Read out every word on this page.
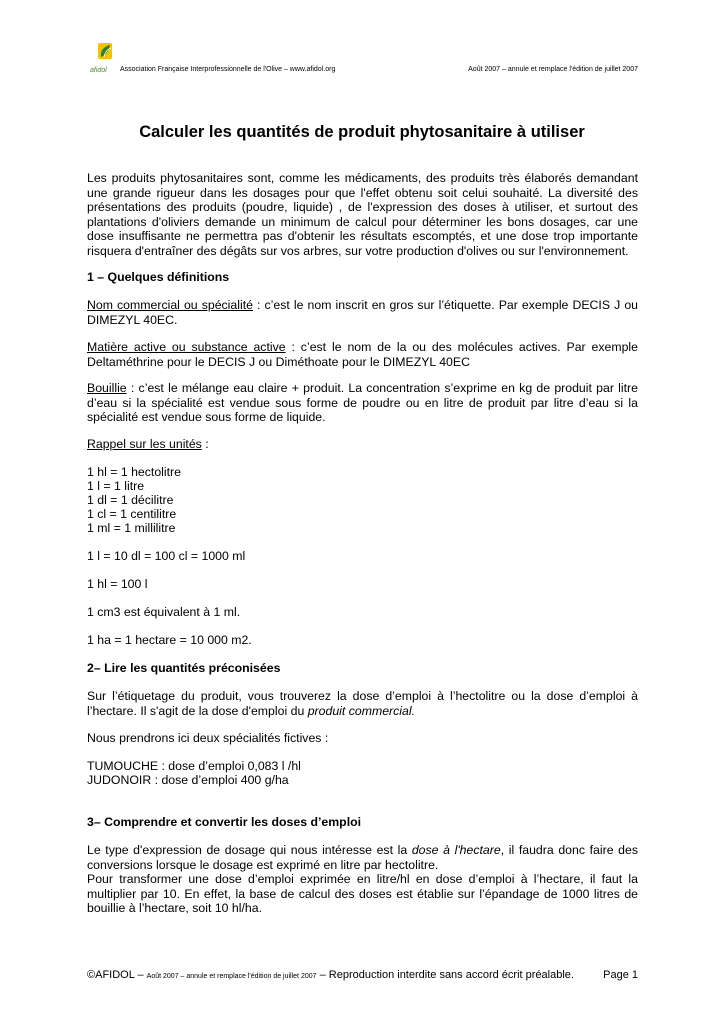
afidol Association Française Interprofessionnelle de l'Olive – www.afidol.org	Août 2007 – annule et remplace l'édition de juillet 2007
Calculer les quantités de produit phytosanitaire à utiliser
Les produits phytosanitaires sont, comme les médicaments, des produits très élaborés demandant une grande rigueur dans les dosages pour que l'effet obtenu soit celui souhaité. La diversité des présentations des produits (poudre, liquide) , de l'expression des doses à utiliser, et surtout des plantations d'oliviers demande un minimum de calcul pour déterminer les bons dosages, car une dose insuffisante ne permettra pas d'obtenir les résultats escomptés, et une dose trop importante risquera d'entraîner des dégâts sur vos arbres, sur votre production d'olives ou sur l'environnement.
1 – Quelques définitions
Nom commercial ou spécialité : c’est le nom inscrit en gros sur l’étiquette. Par exemple DECIS J ou DIMEZYL 40EC.
Matière active ou substance active : c’est le nom de la ou des molécules actives. Par exemple Deltaméthrine pour le DECIS J ou Diméthoate pour le DIMEZYL 40EC
Bouillie : c’est le mélange eau claire + produit. La concentration s’exprime en kg de produit par litre d’eau si la spécialité est vendue sous forme de poudre ou en litre de produit par litre d’eau si la spécialité est vendue sous forme de liquide.
Rappel sur les unités :
1 hl = 1 hectolitre
1 l = 1 litre
1 dl = 1 décilitre
1 cl = 1 centilitre
1 ml = 1 millilitre
1 l = 10 dl = 100 cl = 1000 ml
1 hl = 100 l
1 cm3 est équivalent à 1 ml.
1 ha = 1 hectare = 10 000 m2.
2– Lire les quantités préconisées
Sur l’étiquetage du produit, vous trouverez la dose d’emploi à l’hectolitre ou la dose d’emploi à l’hectare. Il s'agit de la dose d'emploi du produit commercial.
Nous prendrons ici deux spécialités fictives :
TUMOUCHE : dose d’emploi 0,083 l /hl
JUDONOIR : dose d’emploi 400 g/ha
3– Comprendre et convertir les doses d’emploi
Le type d'expression de dosage qui nous intéresse est la dose à l'hectare, il faudra donc faire des conversions lorsque le dosage est exprimé en litre par hectolitre.
Pour transformer une dose d’emploi exprimée en litre/hl en dose d’emploi à l’hectare, il faut la multiplier par 10. En effet, la base de calcul des doses est établie sur l’épandage de 1000 litres de bouillie à l’hectare, soit 10 hl/ha.
©AFIDOL – Août 2007 – annule et remplace l'édition de juillet 2007 – Reproduction interdite sans accord écrit préalable.	Page 1
